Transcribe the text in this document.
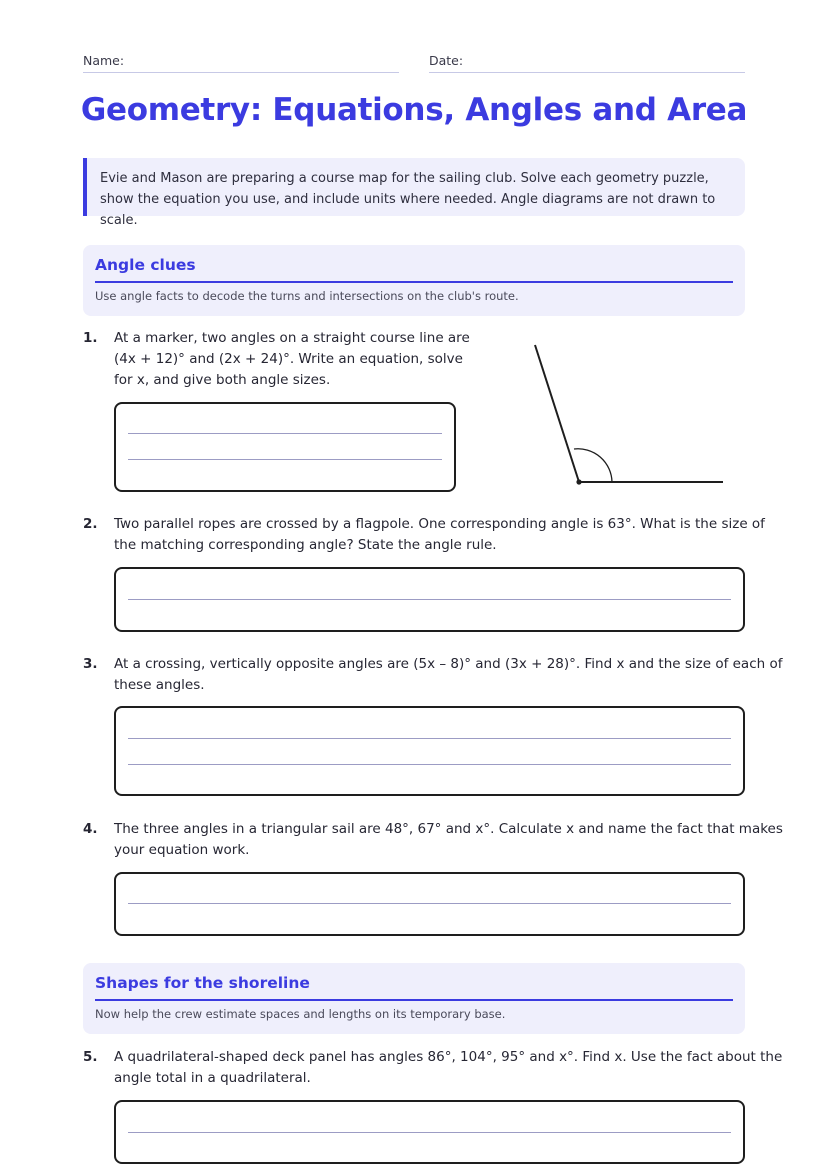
Name:	Date:
Geometry: Equations, Angles and Area
Evie and Mason are preparing a course map for the sailing club. Solve each geometry puzzle, show the equation you use, and include units where needed. Angle diagrams are not drawn to scale.
Angle clues
Use angle facts to decode the turns and intersections on the club's route.
1. At a marker, two angles on a straight course line are
(4x + 12)° and (2x + 24)°. Write an equation, solve
for x, and give both angle sizes.
2. Two parallel ropes are crossed by a flagpole. One corresponding angle is 63°. What is the size of
the matching corresponding angle? State the angle rule.
3. At a crossing, vertically opposite angles are (5x – 8)° and (3x + 28)°. Find x and the size of each of
these angles.
4. The three angles in a triangular sail are 48°, 67° and x°. Calculate x and name the fact that makes
your equation work.
Shapes for the shoreline
Now help the crew estimate spaces and lengths on its temporary base.
5. A quadrilateral-shaped deck panel has angles 86°, 104°, 95° and x°. Find x. Use the fact about the
angle total in a quadrilateral.
